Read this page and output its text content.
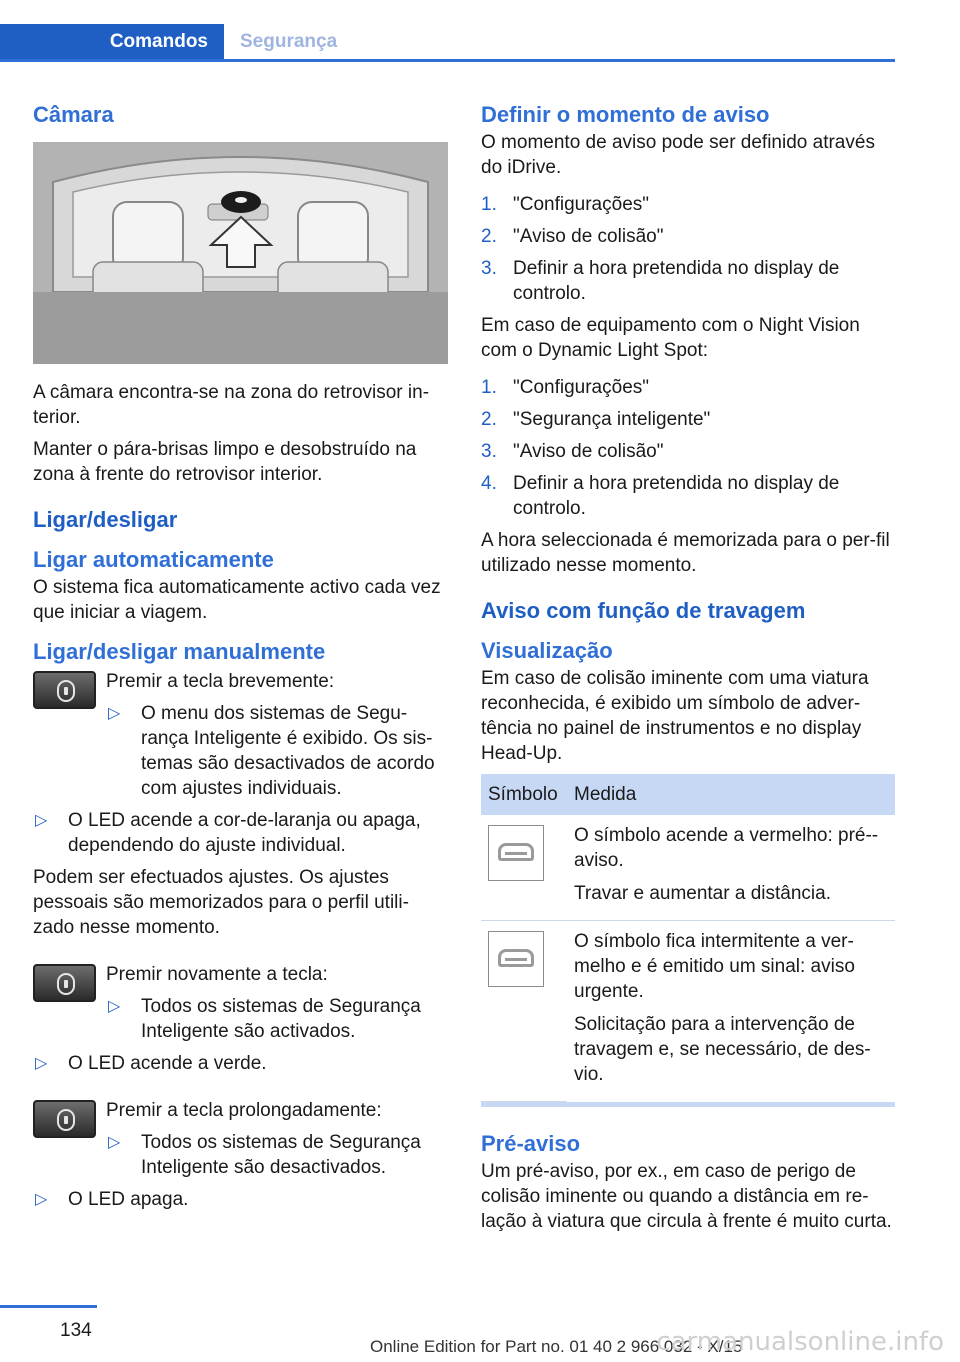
Comandos	Segurança
Câmara

A câmara encontra-se na zona do retrovisor in-terior.

Manter o pára-brisas limpo e desobstruído na zona à frente do retrovisor interior.

Ligar/desligar
Ligar automaticamente

O sistema fica automaticamente activo cada vez que iniciar a viagem.

Ligar/desligar manualmente

Premir a tecla brevemente:

▷ O menu dos sistemas de Segu-rança Inteligente é exibido. Os sis-temas são desactivados de acordo com ajustes individuais.
▷ O LED acende a cor-de-laranja ou apaga, dependendo do ajuste individual.

Podem ser efectuados ajustes. Os ajustes pessoais são memorizados para o perfil utili-zado nesse momento.

Premir novamente a tecla:

▷ Todos os sistemas de Segurança Inteligente são activados.
▷ O LED acende a verde.

Premir a tecla prolongadamente:

▷ Todos os sistemas de Segurança Inteligente são desactivados.
▷ O LED apaga.
Definir o momento de aviso

O momento de aviso pode ser definido através do iDrive.

1. "Configurações"
2. "Aviso de colisão"
3. Definir a hora pretendida no display de controlo.

Em caso de equipamento com o Night Vision com o Dynamic Light Spot:

1. "Configurações"
2. "Segurança inteligente"
3. "Aviso de colisão"
4. Definir a hora pretendida no display de controlo.

A hora seleccionada é memorizada para o per-fil utilizado nesse momento.

Aviso com função de travagem
Visualização

Em caso de colisão iminente com uma viatura reconhecida, é exibido um símbolo de adver-tência no painel de instrumentos e no display Head-Up.

Símbolo	Medida

	O símbolo acende a vermelho: pré--aviso.

Travar e aumentar a distância.

	O símbolo fica intermitente a ver-melho e é emitido um sinal: aviso urgente.

Solicitação para a intervenção de travagem e, se necessário, de des-vio.

Pré-aviso

Um pré-aviso, por ex., em caso de perigo de colisão iminente ou quando a distância em re-lação à viatura que circula à frente é muito curta.

134
Online Edition for Part no. 01 40 2 966 032 - X/15
carmanualsonline.info
